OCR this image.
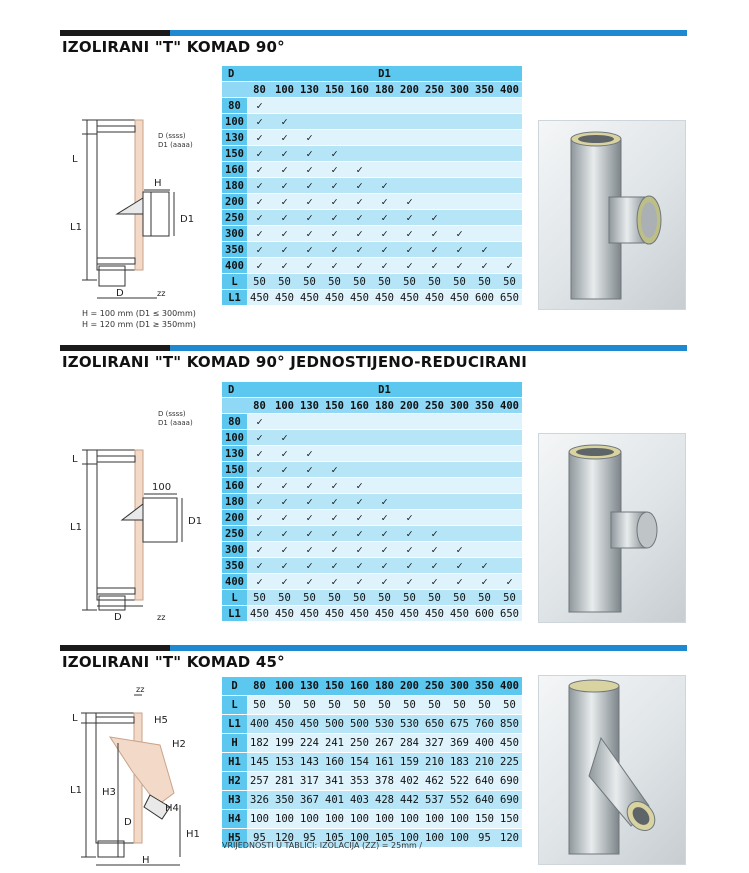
IZOLIRANI "T" KOMAD 90°
L
L1
H
D1
D	zz
D (ssss)
D1 (aaaa)
H = 100 mm (D1 ≤ 300mm)
H = 120 mm (D1 ≥ 350mm)
D	D1										
	80	100	130	150	160	180	200	250	300	350	400
80	✓										
100	✓	✓									
130	✓	✓	✓								
150	✓	✓	✓	✓							
160	✓	✓	✓	✓	✓						
180	✓	✓	✓	✓	✓	✓					
200	✓	✓	✓	✓	✓	✓	✓				
250	✓	✓	✓	✓	✓	✓	✓	✓			
300	✓	✓	✓	✓	✓	✓	✓	✓	✓		
350	✓	✓	✓	✓	✓	✓	✓	✓	✓	✓	
400	✓	✓	✓	✓	✓	✓	✓	✓	✓	✓	✓
L	50	50	50	50	50	50	50	50	50	50	50
L1	450	450	450	450	450	450	450	450	450	600	650
IZOLIRANI "T" KOMAD 90° JEDNOSTIJENO-REDUCIRANI
L
L1
100
D1
D	zz
D (ssss)
D1 (aaaa)
D	D1										
	80	100	130	150	160	180	200	250	300	350	400
80	✓										
100	✓	✓									
130	✓	✓	✓								
150	✓	✓	✓	✓							
160	✓	✓	✓	✓	✓						
180	✓	✓	✓	✓	✓	✓					
200	✓	✓	✓	✓	✓	✓	✓				
250	✓	✓	✓	✓	✓	✓	✓	✓			
300	✓	✓	✓	✓	✓	✓	✓	✓	✓		
350	✓	✓	✓	✓	✓	✓	✓	✓	✓	✓	
400	✓	✓	✓	✓	✓	✓	✓	✓	✓	✓	✓
L	50	50	50	50	50	50	50	50	50	50	50
L1	450	450	450	450	450	450	450	450	450	600	650
IZOLIRANI "T" KOMAD 45°
zz
L	H5
H2
L1 H3
D
H4
H1
H
D	80	100	130	150	160	180	200	250	300	350	400
L	50	50	50	50	50	50	50	50	50	50	50
L1	400	450	450	500	500	530	530	650	675	760	850
H	182	199	224	241	250	267	284	327	369	400	450
H1	145	153	143	160	154	161	159	210	183	210	225
H2	257	281	317	341	353	378	402	462	522	640	690
H3	326	350	367	401	403	428	442	537	552	640	690
H4	100	100	100	100	100	100	100	100	100	150	150
H5	95	120	95	105	100	105	100	100	100	95	120
VRIJEDNOSTI U TABLICI: IZOLACIJA (ZZ) = 25mm /
